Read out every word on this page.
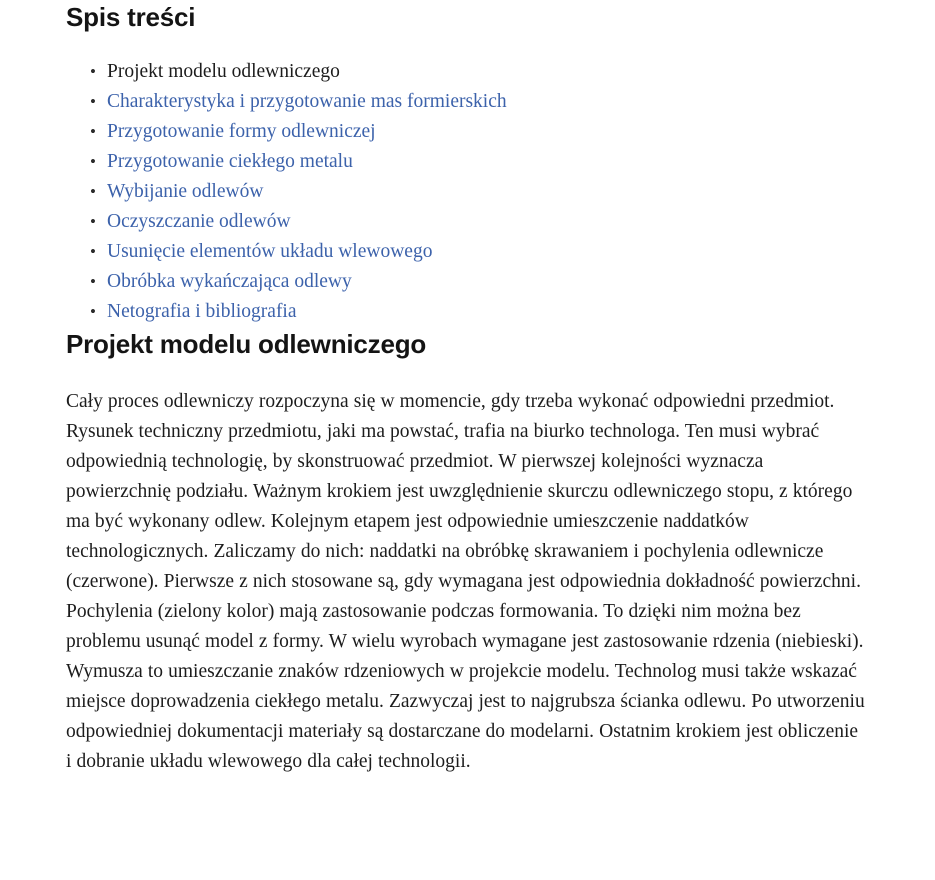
Spis treści
• Projekt modelu odlewniczego
• Charakterystyka i przygotowanie mas formierskich
• Przygotowanie formy odlewniczej
• Przygotowanie ciekłego metalu
• Wybijanie odlewów
• Oczyszczanie odlewów
• Usunięcie elementów układu wlewowego
• Obróbka wykańczająca odlewy
• Netografia i bibliografia
Projekt modelu odlewniczego

Cały proces odlewniczy rozpoczyna się w momencie, gdy trzeba wykonać odpowiedni przedmiot. Rysunek techniczny przedmiotu, jaki ma powstać, trafia na biurko technologa. Ten musi wybrać odpowiednią technologię, by skonstruować przedmiot. W pierwszej kolejności wyznacza powierzchnię podziału. Ważnym krokiem jest uwzględnienie skurczu odlewniczego stopu, z którego ma być wykonany odlew. Kolejnym etapem jest odpowiednie umieszczenie naddatków technologicznych. Zaliczamy do nich: naddatki na obróbkę skrawaniem i pochylenia odlewnicze (czerwone). Pierwsze z nich stosowane są, gdy wymagana jest odpowiednia dokładność powierzchni. Pochylenia (zielony kolor) mają zastosowanie podczas formowania. To dzięki nim można bez problemu usunąć model z formy. W wielu wyrobach wymagane jest zastosowanie rdzenia (niebieski). Wymusza to umieszczanie znaków rdzeniowych w projekcie modelu. Technolog musi także wskazać miejsce doprowadzenia ciekłego metalu. Zazwyczaj jest to najgrubsza ścianka odlewu. Po utworzeniu odpowiedniej dokumentacji materiały są dostarczane do modelarni. Ostatnim krokiem jest obliczenie i dobranie układu wlewowego dla całej technologii.
